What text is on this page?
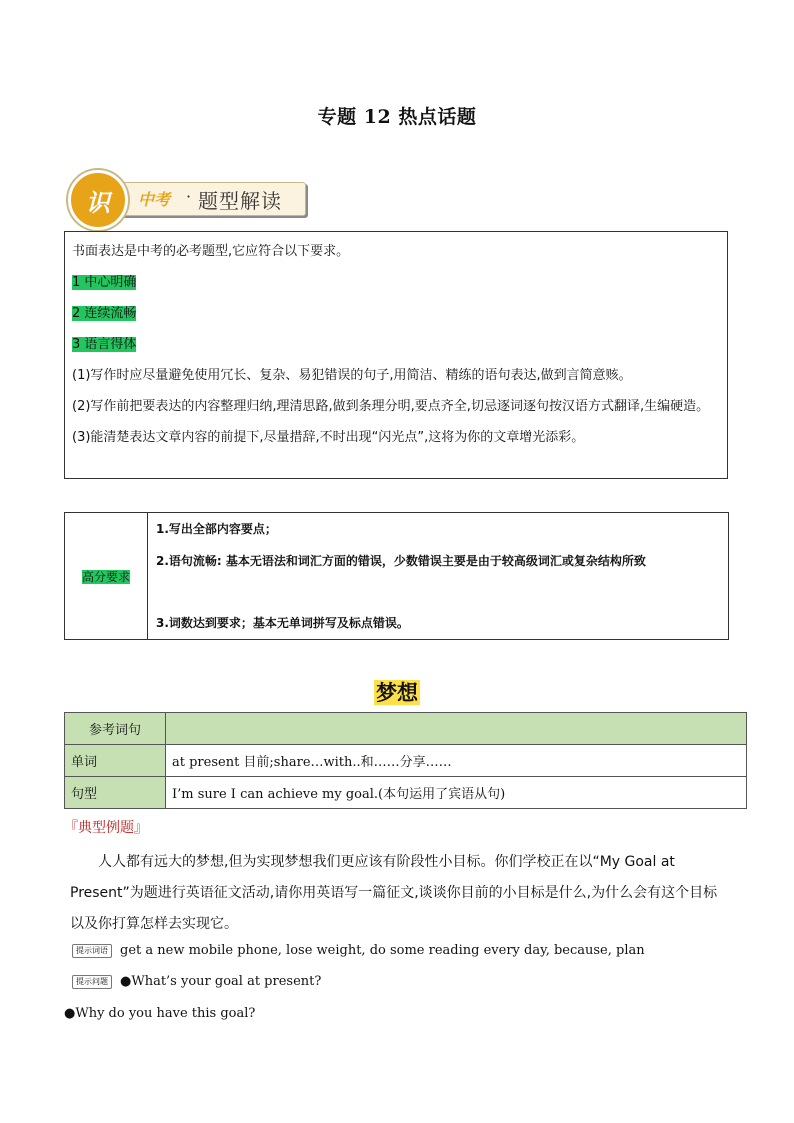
专题 12 热点话题
识	中考 · 题型解读

书面表达是中考的必考题型,它应符合以下要求。

1 中心明确

2 连续流畅

3 语言得体

(1)写作时应尽量避免使用冗长、复杂、易犯错误的句子,用简洁、精练的语句表达,做到言简意赅。

(2)写作前把要表达的内容整理归纳,理清思路,做到条理分明,要点齐全,切忌逐词逐句按汉语方式翻译,生编硬造。

(3)能清楚表达文章内容的前提下,尽量措辞,不时出现“闪光点”,这将为你的文章增光添彩。

高分要求	
1.写出全部内容要点；
2.语句流畅: 基本无语法和词汇方面的错误，少数错误主要是由于较高级词汇或复杂结构所致
3.词数达到要求；基本无单词拼写及标点错误。
梦想
参考词句	
单词	at present 目前;share…with..和……分享……
句型	I’m sure I can achieve my goal.(本句运用了宾语从句)
『典型例题』
人人都有远大的梦想,但为实现梦想我们更应该有阶段性小目标。你们学校正在以“My Goal at Present”为题进行英语征文活动,请你用英语写一篇征文,谈谈你目前的小目标是什么,为什么会有这个目标以及你打算怎样去实现它。
提示词语 get a new mobile phone, lose weight, do some reading every day, because, plan
提示问题 ●What’s your goal at present?
●Why do you have this goal?
